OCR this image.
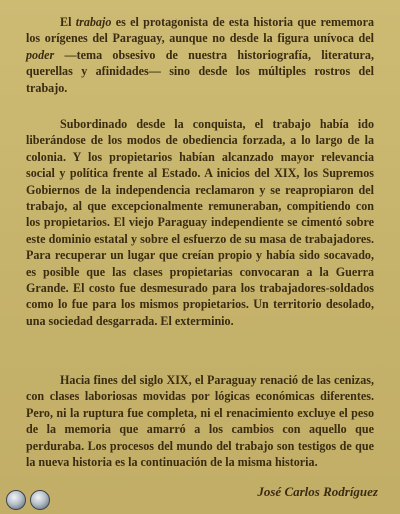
El trabajo es el protagonista de esta historia que rememora los orígenes del Paraguay, aunque no desde la figura unívoca del poder —tema obsesivo de nuestra historiografía, literatura, querellas y afinidades— sino desde los múltiples rostros del trabajo.

Subordinado desde la conquista, el trabajo había ido liberándose de los modos de obediencia forzada, a lo largo de la colonia. Y los propietarios habían alcanzado mayor relevancia social y política frente al Estado. A inicios del XIX, los Supremos Gobiernos de la independencia reclamaron y se reapropiaron del trabajo, al que excepcionalmente remuneraban, compitiendo con los propietarios. El viejo Paraguay independiente se cimentó sobre este dominio estatal y sobre el esfuerzo de su masa de trabajadores. Para recuperar un lugar que creían propio y había sido socavado, es posible que las clases propietarias convocaran a la Guerra Grande. El costo fue desmesurado para los trabajadores-soldados como lo fue para los mismos propietarios. Un territorio desolado, una sociedad desgarrada. El exterminio.

Hacia fines del siglo XIX, el Paraguay renació de las cenizas, con clases laboriosas movidas por lógicas económicas diferentes. Pero, ni la ruptura fue completa, ni el renacimiento excluye el peso de la memoria que amarró a los cambios con aquello que perduraba. Los procesos del mundo del trabajo son testigos de que la nueva historia es la continuación de la misma historia.

José Carlos Rodríguez
